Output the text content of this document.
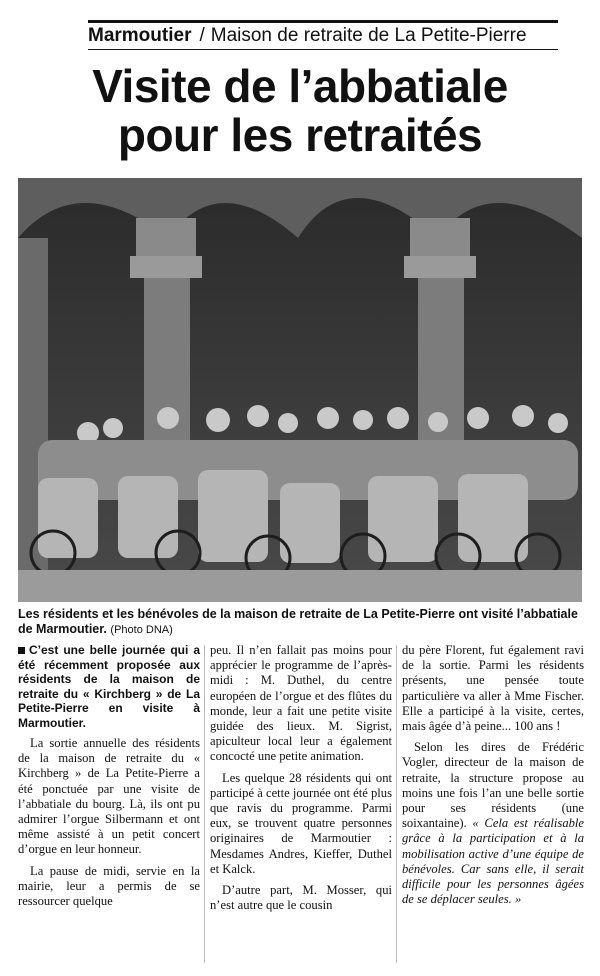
Marmoutier / Maison de retraite de La Petite-Pierre
Visite de l’abbatiale
pour les retraités
Les résidents et les bénévoles de la maison de retraite de La Petite-Pierre ont visité l’abbatiale de Marmoutier. (Photo DNA)

C’est une belle journée qui a été récemment proposée aux résidents de la maison de retraite du « Kirchberg » de La Petite-Pierre en visite à Marmoutier.

La sortie annuelle des résidents de la maison de retraite du « Kirchberg » de La Petite-Pierre a été ponctuée par une visite de l’abbatiale du bourg. Là, ils ont pu admirer l’orgue Silbermann et ont même assisté à un petit concert d’orgue en leur honneur.

La pause de midi, servie en la mairie, leur a permis de se ressourcer quelque

peu. Il n’en fallait pas moins pour apprécier le programme de l’après-midi : M. Duthel, du centre européen de l’orgue et des flûtes du monde, leur a fait une petite visite guidée des lieux. M. Sigrist, apiculteur local leur a également concocté une petite animation.

Les quelque 28 résidents qui ont participé à cette journée ont été plus que ravis du programme. Parmi eux, se trouvent quatre personnes originaires de Marmoutier : Mesdames Andres, Kieffer, Duthel et Kalck.

D’autre part, M. Mosser, qui n’est autre que le cousin

du père Florent, fut également ravi de la sortie. Parmi les résidents présents, une pensée toute particulière va aller à Mme Fischer. Elle a participé à la visite, certes, mais âgée d’à peine... 100 ans !

Selon les dires de Frédéric Vogler, directeur de la maison de retraite, la structure propose au moins une fois l’an une belle sortie pour ses résidents (une soixantaine). « Cela est réalisable grâce à la participation et à la mobilisation active d’une équipe de bénévoles. Car sans elle, il serait difficile pour les personnes âgées de se déplacer seules. »
